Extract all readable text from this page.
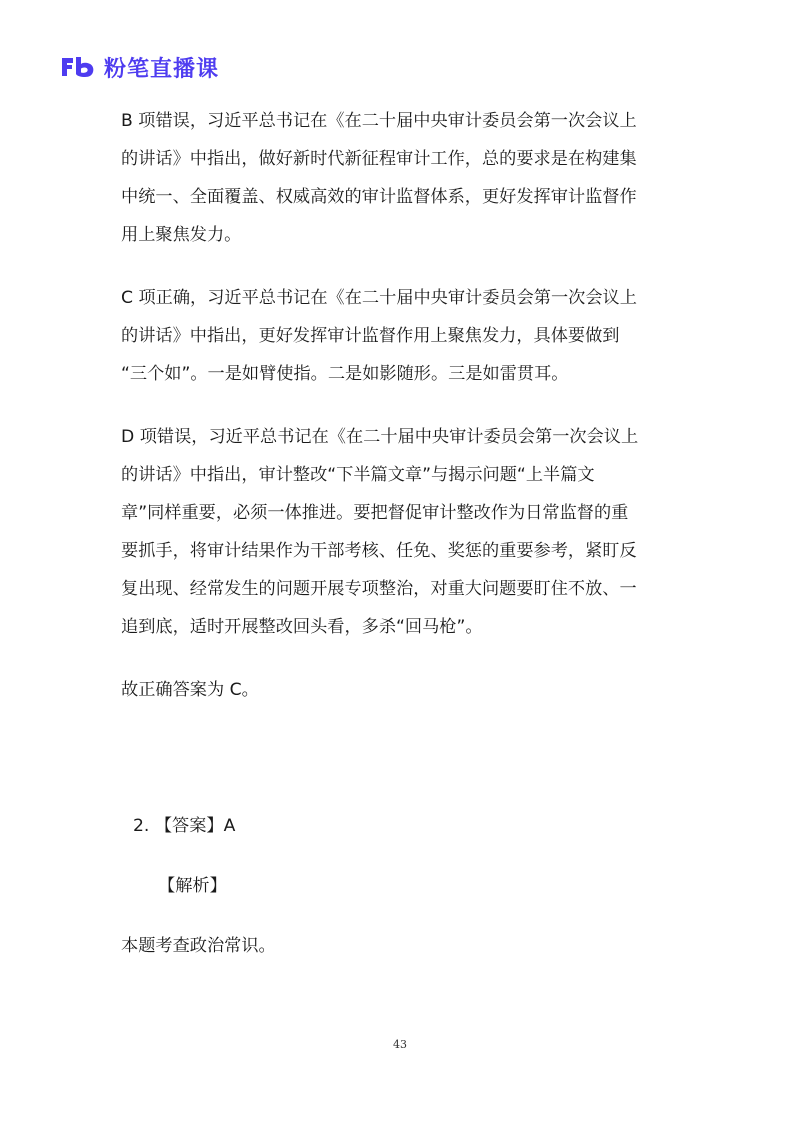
粉笔直播课

B 项错误，习近平总书记在《在二十届中央审计委员会第一次会议上
的讲话》中指出，做好新时代新征程审计工作，总的要求是在构建集
中统一、全面覆盖、权威高效的审计监督体系，更好发挥审计监督作
用上聚焦发力。

C 项正确，习近平总书记在《在二十届中央审计委员会第一次会议上
的讲话》中指出，更好发挥审计监督作用上聚焦发力，具体要做到
“三个如”。一是如臂使指。二是如影随形。三是如雷贯耳。

D 项错误，习近平总书记在《在二十届中央审计委员会第一次会议上
的讲话》中指出，审计整改“下半篇文章”与揭示问题“上半篇文
章”同样重要，必须一体推进。要把督促审计整改作为日常监督的重
要抓手，将审计结果作为干部考核、任免、奖惩的重要参考，紧盯反
复出现、经常发生的问题开展专项整治，对重大问题要盯住不放、一
追到底，适时开展整改回头看，多杀“回马枪”。

故正确答案为 C。

2. 【答案】A
【解析】
本题考查政治常识。
43
